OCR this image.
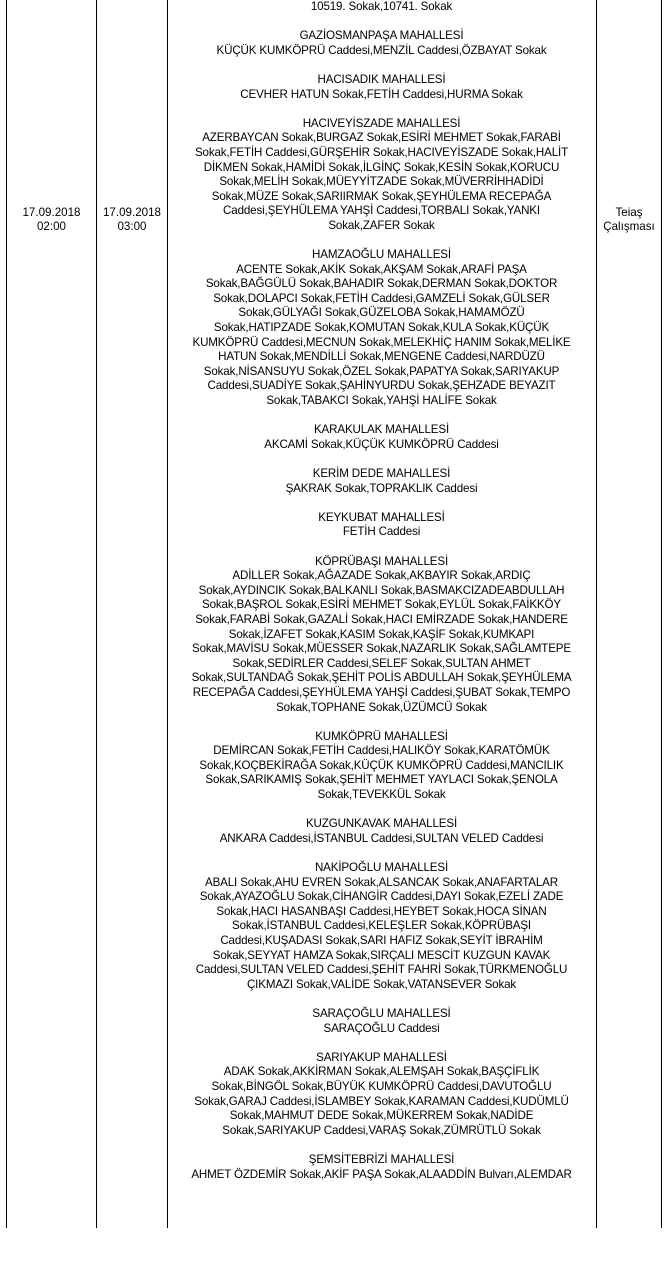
17.09.2018
02:00
17.09.2018
03:00
Teiaş
Çalışması
10519. Sokak,10741. Sokak
GAZİOSMANPAŞA MAHALLESİ
KÜÇÜK KUMKÖPRÜ Caddesi,MENZİL Caddesi,ÖZBAYAT Sokak
HACISADIK MAHALLESİ
CEVHER HATUN Sokak,FETİH Caddesi,HURMA Sokak
HACIVEYİSZADE MAHALLESİ
AZERBAYCAN Sokak,BURGAZ Sokak,ESİRİ MEHMET Sokak,FARABİ
Sokak,FETİH Caddesi,GÜRŞEHİR Sokak,HACIVEYİSZADE Sokak,HALİT
DİKMEN Sokak,HAMİDİ Sokak,İLGİNÇ Sokak,KESİN Sokak,KORUCU
Sokak,MELİH Sokak,MÜEYYİTZADE Sokak,MÜVERRİHHADİDİ
Sokak,MÜZE Sokak,SARIIRMAK Sokak,ŞEYHÜLEMA RECEPAĞA
Caddesi,ŞEYHÜLEMA YAHŞİ Caddesi,TORBALI Sokak,YANKI
Sokak,ZAFER Sokak
HAMZAOĞLU MAHALLESİ
ACENTE Sokak,AKİK Sokak,AKŞAM Sokak,ARAFİ PAŞA
Sokak,BAĞGÜLÜ Sokak,BAHADIR Sokak,DERMAN Sokak,DOKTOR
Sokak,DOLAPCI Sokak,FETİH Caddesi,GAMZELİ Sokak,GÜLSER
Sokak,GÜLYAĞI Sokak,GÜZELOBA Sokak,HAMAMÖZÜ
Sokak,HATIPZADE Sokak,KOMUTAN Sokak,KULA Sokak,KÜÇÜK
KUMKÖPRÜ Caddesi,MECNUN Sokak,MELEKHİÇ HANIM Sokak,MELİKE
HATUN Sokak,MENDİLLİ Sokak,MENGENE Caddesi,NARDÜZÜ
Sokak,NİSANSUYU Sokak,ÖZEL Sokak,PAPATYA Sokak,SARIYAKUP
Caddesi,SUADİYE Sokak,ŞAHİNYURDU Sokak,ŞEHZADE BEYAZIT
Sokak,TABAKCI Sokak,YAHŞİ HALİFE Sokak
KARAKULAK MAHALLESİ
AKCAMİ Sokak,KÜÇÜK KUMKÖPRÜ Caddesi
KERİM DEDE MAHALLESİ
ŞAKRAK Sokak,TOPRAKLIK Caddesi
KEYKUBAT MAHALLESİ
FETİH Caddesi
KÖPRÜBAŞI MAHALLESİ
ADİLLER Sokak,AĞAZADE Sokak,AKBAYIR Sokak,ARDIÇ
Sokak,AYDINCIK Sokak,BALKANLI Sokak,BASMAKCIZADEABDULLAH
Sokak,BAŞROL Sokak,ESİRİ MEHMET Sokak,EYLÜL Sokak,FAİKKÖY
Sokak,FARABİ Sokak,GAZALİ Sokak,HACI EMİRZADE Sokak,HANDERE
Sokak,İZAFET Sokak,KASIM Sokak,KAŞİF Sokak,KUMKAPI
Sokak,MAVİSU Sokak,MÜESSER Sokak,NAZARLIK Sokak,SAĞLAMTEPE
Sokak,SEDİRLER Caddesi,SELEF Sokak,SULTAN AHMET
Sokak,SULTANDAĞ Sokak,ŞEHİT POLİS ABDULLAH Sokak,ŞEYHÜLEMA
RECEPAĞA Caddesi,ŞEYHÜLEMA YAHŞİ Caddesi,ŞUBAT Sokak,TEMPO
Sokak,TOPHANE Sokak,ÜZÜMCÜ Sokak
KUMKÖPRÜ MAHALLESİ
DEMİRCAN Sokak,FETİH Caddesi,HALIKÖY Sokak,KARATÖMÜK
Sokak,KOÇBEKİRAĞA Sokak,KÜÇÜK KUMKÖPRÜ Caddesi,MANCILIK
Sokak,SARIKAMIŞ Sokak,ŞEHİT MEHMET YAYLACI Sokak,ŞENOLA
Sokak,TEVEKKÜL Sokak
KUZGUNKAVAK MAHALLESİ
ANKARA Caddesi,İSTANBUL Caddesi,SULTAN VELED Caddesi
NAKİPOĞLU MAHALLESİ
ABALI Sokak,AHU EVREN Sokak,ALSANCAK Sokak,ANAFARTALAR
Sokak,AYAZOĞLU Sokak,CİHANGİR Caddesi,DAYI Sokak,EZELİ ZADE
Sokak,HACI HASANBAŞI Caddesi,HEYBET Sokak,HOCA SİNAN
Sokak,İSTANBUL Caddesi,KELEŞLER Sokak,KÖPRÜBAŞI
Caddesi,KUŞADASI Sokak,SARI HAFIZ Sokak,SEYİT İBRAHİM
Sokak,SEYYAT HAMZA Sokak,SIRÇALI MESCİT KUZGUN KAVAK
Caddesi,SULTAN VELED Caddesi,ŞEHİT FAHRİ Sokak,TÜRKMENOĞLU
ÇIKMAZI Sokak,VALİDE Sokak,VATANSEVER Sokak
SARAÇOĞLU MAHALLESİ
SARAÇOĞLU Caddesi
SARIYAKUP MAHALLESİ
ADAK Sokak,AKKİRMAN Sokak,ALEMŞAH Sokak,BAŞÇİFLİK
Sokak,BİNGÖL Sokak,BÜYÜK KUMKÖPRÜ Caddesi,DAVUTOĞLU
Sokak,GARAJ Caddesi,İSLAMBEY Sokak,KARAMAN Caddesi,KUDÜMLÜ
Sokak,MAHMUT DEDE Sokak,MÜKERREM Sokak,NADİDE
Sokak,SARIYAKUP Caddesi,VARAŞ Sokak,ZÜMRÜTLÜ Sokak
ŞEMSİTEBRİZİ MAHALLESİ
AHMET ÖZDEMİR Sokak,AKİF PAŞA Sokak,ALAADDİN Bulvarı,ALEMDAR
